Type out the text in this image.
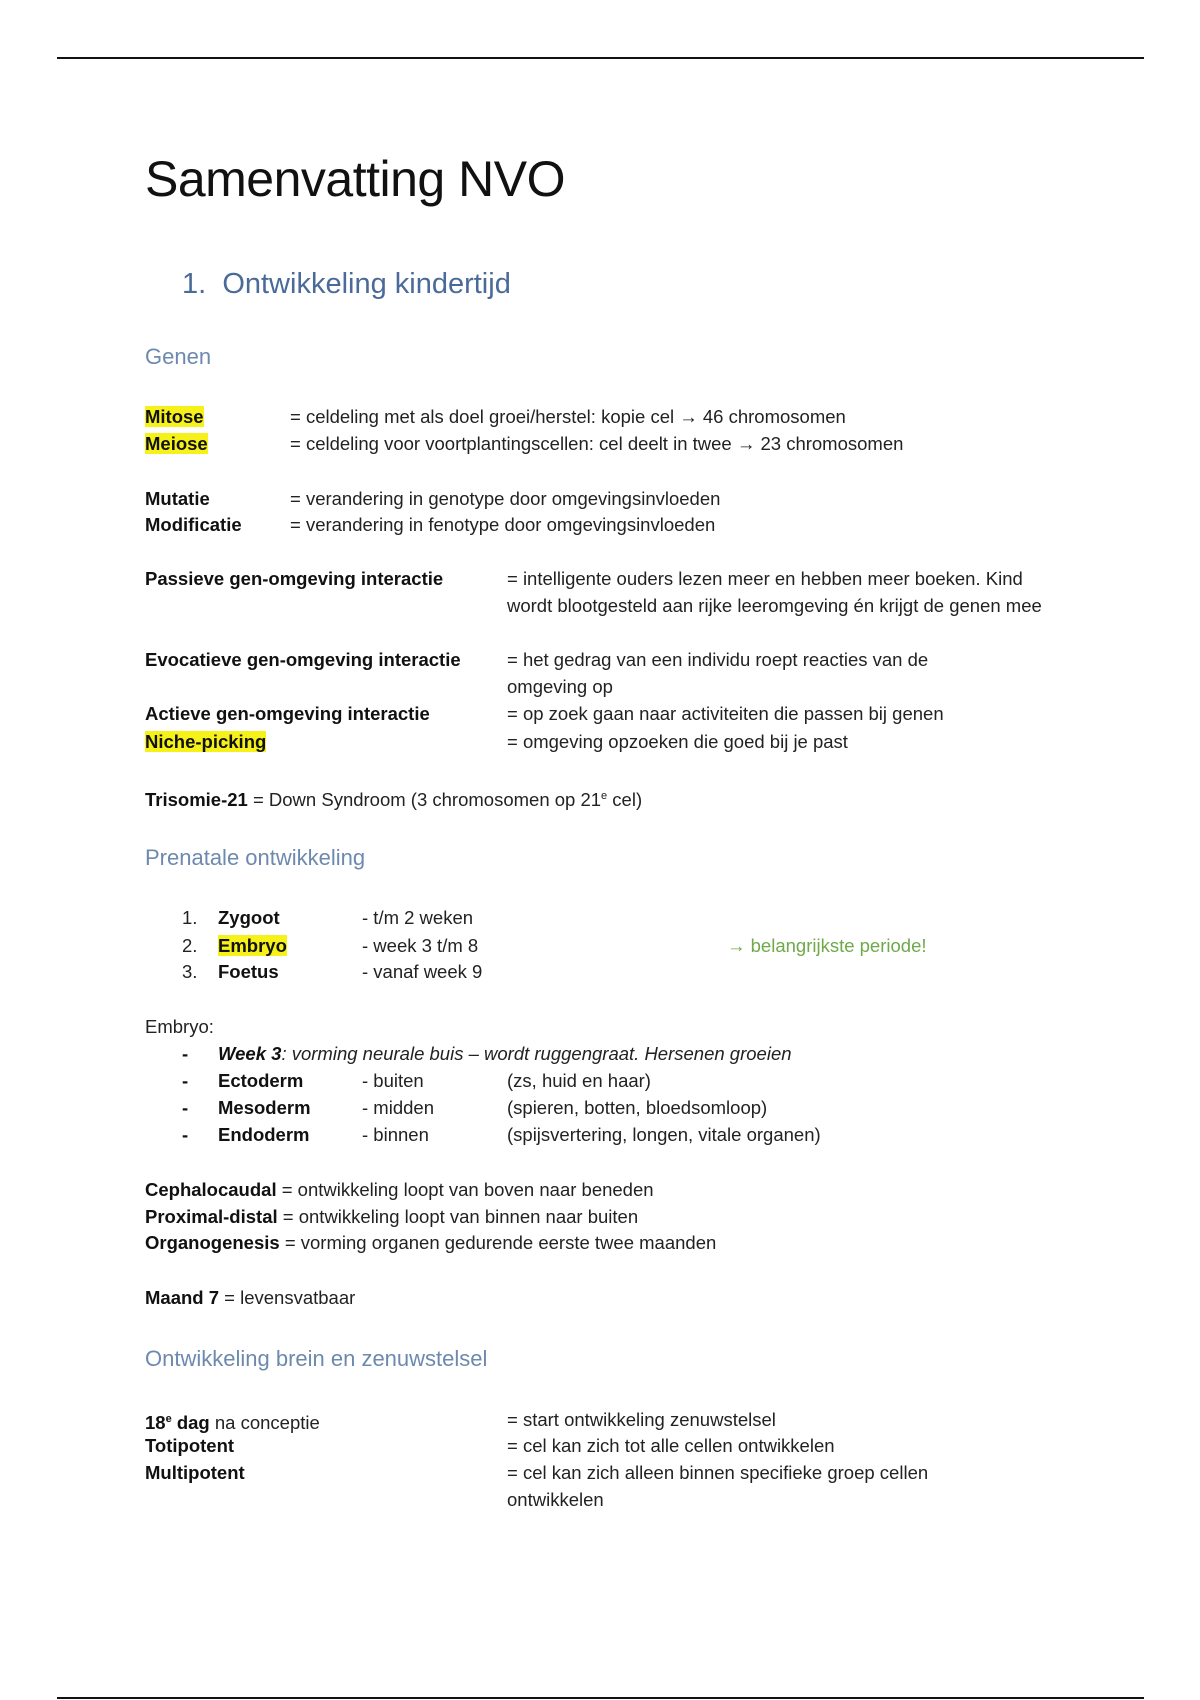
Samenvatting NVO
1. Ontwikkeling kindertijd
Genen
Mitose	= celdeling met als doel groei/herstel: kopie cel → 46 chromosomen
Meiose	= celdeling voor voortplantingscellen: cel deelt in twee → 23 chromosomen
Mutatie	= verandering in genotype door omgevingsinvloeden
Modificatie	= verandering in fenotype door omgevingsinvloeden
Passieve gen-omgeving interactie	= intelligente ouders lezen meer en hebben meer boeken. Kind wordt blootgesteld aan rijke leeromgeving én krijgt de genen mee
Evocatieve gen-omgeving interactie	= het gedrag van een individu roept reacties van de omgeving op
Actieve gen-omgeving interactie	= op zoek gaan naar activiteiten die passen bij genen
Niche-picking	= omgeving opzoeken die goed bij je past
Trisomie-21 = Down Syndroom (3 chromosomen op 21e cel)
Prenatale ontwikkeling
1. Zygoot	- t/m 2 weken
2. Embryo	- week 3 t/m 8	→ belangrijkste periode!
3. Foetus	- vanaf week 9
Embryo:
- Week 3: vorming neurale buis – wordt ruggengraat. Hersenen groeien
- Ectoderm	- buiten	(zs, huid en haar)
- Mesoderm	- midden	(spieren, botten, bloedsomloop)
- Endoderm	- binnen	(spijsvertering, longen, vitale organen)
Cephalocaudal = ontwikkeling loopt van boven naar beneden
Proximal-distal = ontwikkeling loopt van binnen naar buiten
Organogenesis = vorming organen gedurende eerste twee maanden
Maand 7 = levensvatbaar
Ontwikkeling brein en zenuwstelsel
18e dag na conceptie	= start ontwikkeling zenuwstelsel
Totipotent	= cel kan zich tot alle cellen ontwikkelen
Multipotent	= cel kan zich alleen binnen specifieke groep cellen ontwikkelen
